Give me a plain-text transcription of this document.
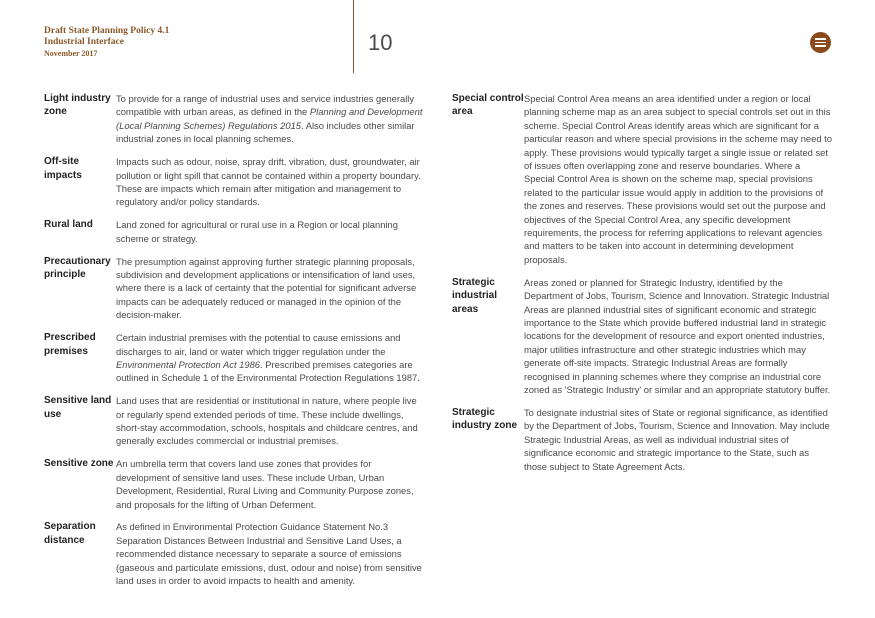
Draft State Planning Policy 4.1
Industrial Interface
November 2017	10
Light industry zone
To provide for a range of industrial uses and service industries generally compatible with urban areas, as defined in the Planning and Development (Local Planning Schemes) Regulations 2015. Also includes other similar industrial zones in local planning schemes.
Off-site impacts
Impacts such as odour, noise, spray drift, vibration, dust, groundwater, air pollution or light spill that cannot be contained within a property boundary. These are impacts which remain after mitigation and management to regulatory and/or policy standards.
Rural land	Land zoned for agricultural or rural use in a Region or local planning scheme or strategy.
Precautionary principle
The presumption against approving further strategic planning proposals, subdivision and development applications or intensification of land uses, where there is a lack of certainty that the potential for significant adverse impacts can be adequately reduced or managed in the opinion of the decision-maker.
Prescribed premises
Certain industrial premises with the potential to cause emissions and discharges to air, land or water which trigger regulation under the Environmental Protection Act 1986. Prescribed premises categories are outlined in Schedule 1 of the Environmental Protection Regulations 1987.
Sensitive land use
Land uses that are residential or institutional in nature, where people live or regularly spend extended periods of time. These include dwellings, short-stay accommodation, schools, hospitals and childcare centres, and generally excludes commercial or industrial premises.
Sensitive zone An umbrella term that covers land use zones that provides for development of sensitive land uses. These include Urban, Urban Development, Residential, Rural Living and Community Purpose zones, and proposals for the lifting of Urban Deferment.
Separation distance
As defined in Environmental Protection Guidance Statement No.3 Separation Distances Between Industrial and Sensitive Land Uses, a recommended distance necessary to separate a source of emissions (gaseous and particulate emissions, dust, odour and noise) from sensitive land uses in order to avoid impacts to health and amenity.
Special control area
Special Control Area means an area identified under a region or local planning scheme map as an area subject to special controls set out in this scheme. Special Control Areas identify areas which are significant for a particular reason and where special provisions in the scheme may need to apply. These provisions would typically target a single issue or related set of issues often overlapping zone and reserve boundaries. Where a Special Control Area is shown on the scheme map, special provisions related to the particular issue would apply in addition to the provisions of the zones and reserves. These provisions would set out the purpose and objectives of the Special Control Area, any specific development requirements, the process for referring applications to relevant agencies and matters to be taken into account in determining development proposals.
Strategic industrial areas
Areas zoned or planned for Strategic Industry, identified by the Department of Jobs, Tourism, Science and Innovation. Strategic Industrial Areas are planned industrial sites of significant economic and strategic importance to the State which provide buffered industrial land in strategic locations for the development of resource and export oriented industries, major utilities infrastructure and other strategic industries which may generate off-site impacts. Strategic Industrial Areas are formally recognised in planning schemes where they comprise an industrial core zoned as 'Strategic Industry' or similar and an appropriate statutory buffer.
Strategic industry zone
To designate industrial sites of State or regional significance, as identified by the Department of Jobs, Tourism, Science and Innovation. May include Strategic Industrial Areas, as well as individual industrial sites of significance economic and strategic importance to the State, such as those subject to State Agreement Acts.
